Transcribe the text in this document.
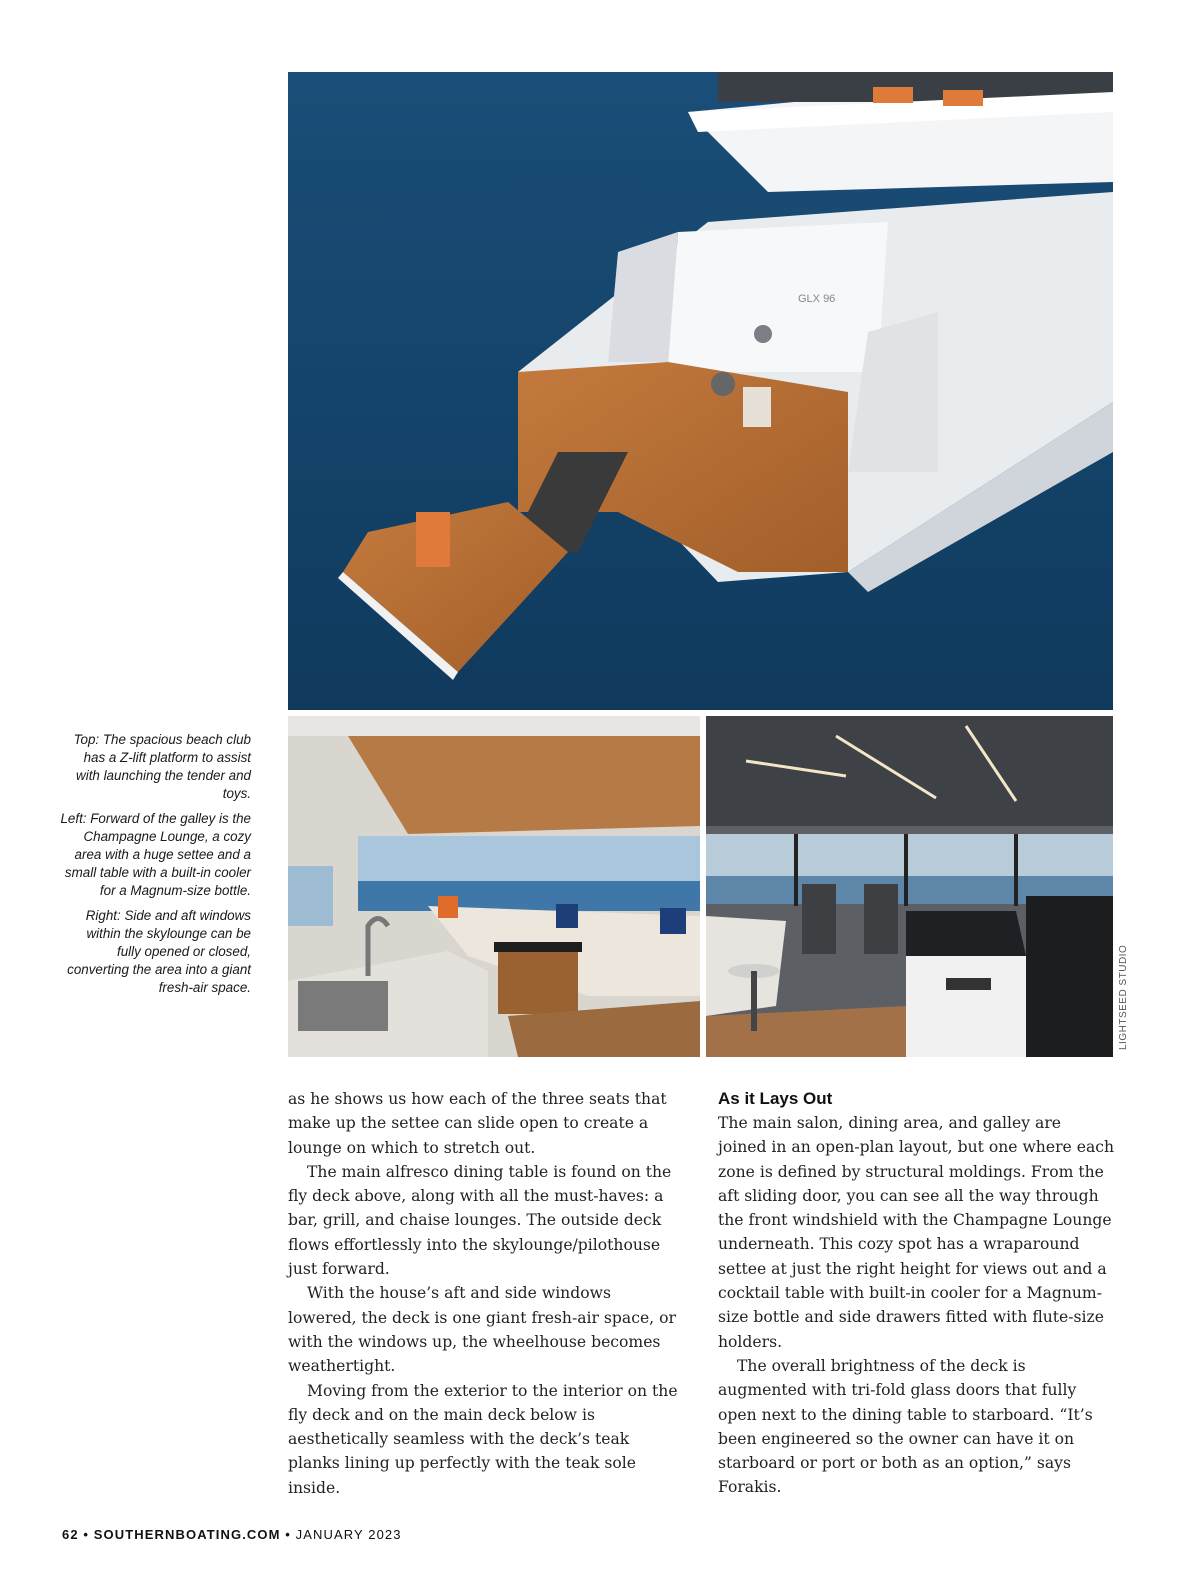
GLX 96

Top: The spacious beach club has a Z-lift platform to assist with launching the tender and toys.

Left: Forward of the galley is the Champagne Lounge, a cozy area with a huge settee and a small table with a built-in cooler for a Magnum-size bottle.

Right: Side and aft windows within the skylounge can be fully opened or closed, converting the area into a giant fresh-air space.

as he shows us how each of the three seats that make up the settee can slide open to create a lounge on which to stretch out.

The main alfresco dining table is found on the fly deck above, along with all the must-haves: a bar, grill, and chaise lounges. The outside deck flows effortlessly into the skylounge/pilothouse just forward.

With the house’s aft and side windows lowered, the deck is one giant fresh-air space, or with the windows up, the wheelhouse becomes weathertight.

Moving from the exterior to the interior on the fly deck and on the main deck below is aesthetically seamless with the deck’s teak planks lining up perfectly with the teak sole inside.

As it Lays Out

The main salon, dining area, and galley are joined in an open-plan layout, but one where each zone is defined by structural moldings. From the aft sliding door, you can see all the way through the front windshield with the Champagne Lounge underneath. This cozy spot has a wraparound settee at just the right height for views out and a cocktail table with built-in cooler for a Magnum-size bottle and side drawers fitted with flute-size holders.

The overall brightness of the deck is augmented with tri-fold glass doors that fully open next to the dining table to starboard. “It’s been engineered so the owner can have it on starboard or port or both as an option,” says Forakis.

LIGHTSEED STUDIO
62 • SOUTHERNBOATING.COM • JANUARY 2023
